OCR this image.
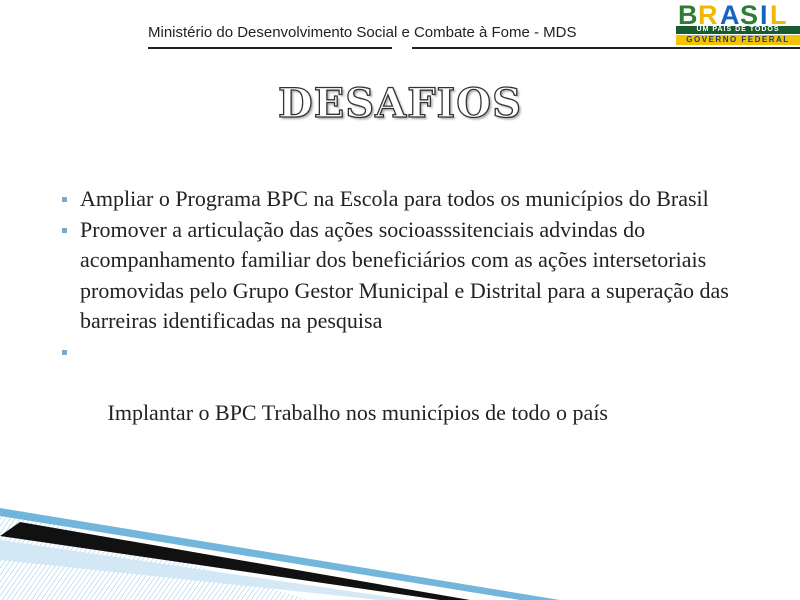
Ministério do Desenvolvimento Social e Combate à Fome - MDS
B R A S I L
UM PAÍS DE TODOS
GOVERNO FEDERAL
DESAFIOS
Ampliar o Programa BPC na Escola para todos os municípios do Brasil
Promover a articulação das ações socioasssitenciais advindas do acompanhamento familiar dos beneficiários com as ações intersetoriais promovidas pelo Grupo Gestor Municipal e Distrital para a superação das barreiras identificadas na pesquisa

Implantar o BPC Trabalho nos municípios de todo o país
